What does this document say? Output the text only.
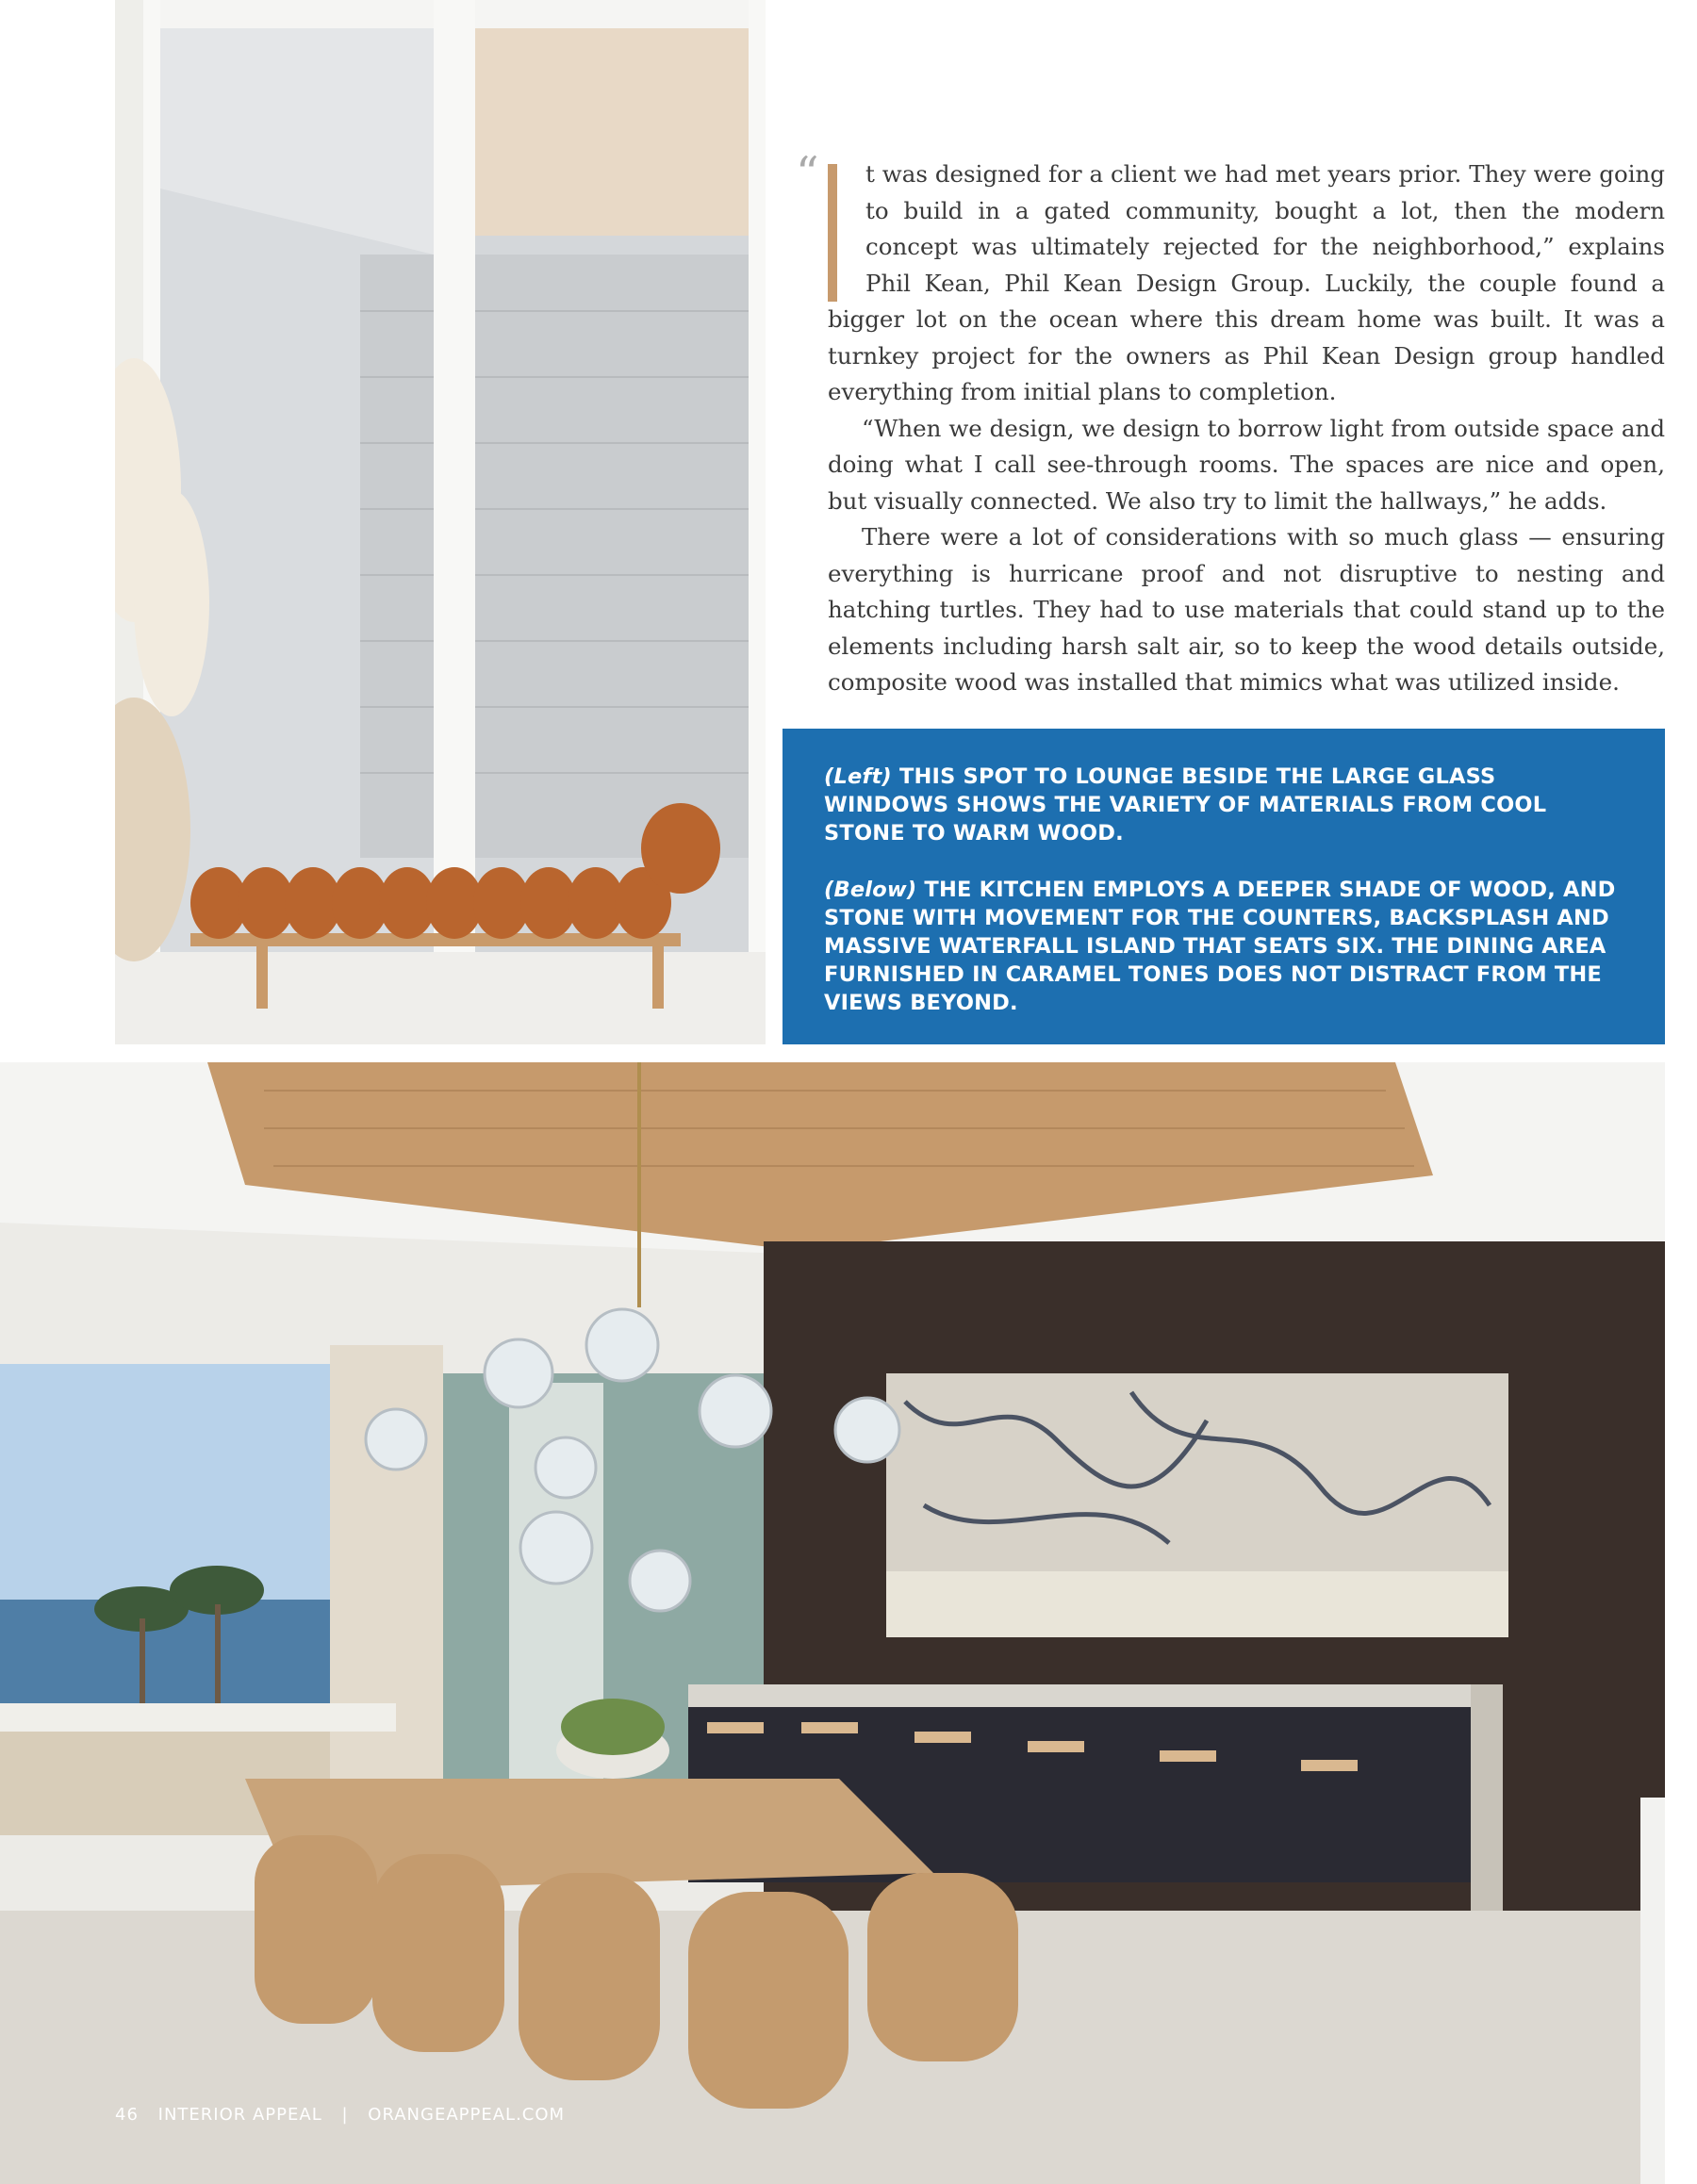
“ t was designed for a client we had met years prior. They were going to build in a gated community, bought a lot, then the modern concept was ultimately rejected for the neighborhood,” explains Phil Kean, Phil Kean Design Group. Luckily, the couple found a bigger lot on the ocean where this dream home was built. It was a turnkey project for the owners as Phil Kean Design group handled everything from initial plans to completion.

“When we design, we design to borrow light from outside space and doing what I call see-through rooms. The spaces are nice and open, but visually connected. We also try to limit the hallways,” he adds.

There were a lot of considerations with so much glass — ensuring everything is hurricane proof and not disruptive to nesting and hatching turtles. They had to use materials that could stand up to the elements including harsh salt air, so to keep the wood details outside, composite wood was installed that mimics what was utilized inside.

(Left) THIS SPOT TO LOUNGE BESIDE THE LARGE GLASS WINDOWS SHOWS THE VARIETY OF MATERIALS FROM COOL STONE TO WARM WOOD.

(Below) THE KITCHEN EMPLOYS A DEEPER SHADE OF WOOD, AND STONE WITH MOVEMENT FOR THE COUNTERS, BACKSPLASH AND MASSIVE WATERFALL ISLAND THAT SEATS SIX. THE DINING AREA FURNISHED IN CARAMEL TONES DOES NOT DISTRACT FROM THE VIEWS BEYOND.

46 INTERIOR APPEAL | ORANGEAPPEAL.COM
